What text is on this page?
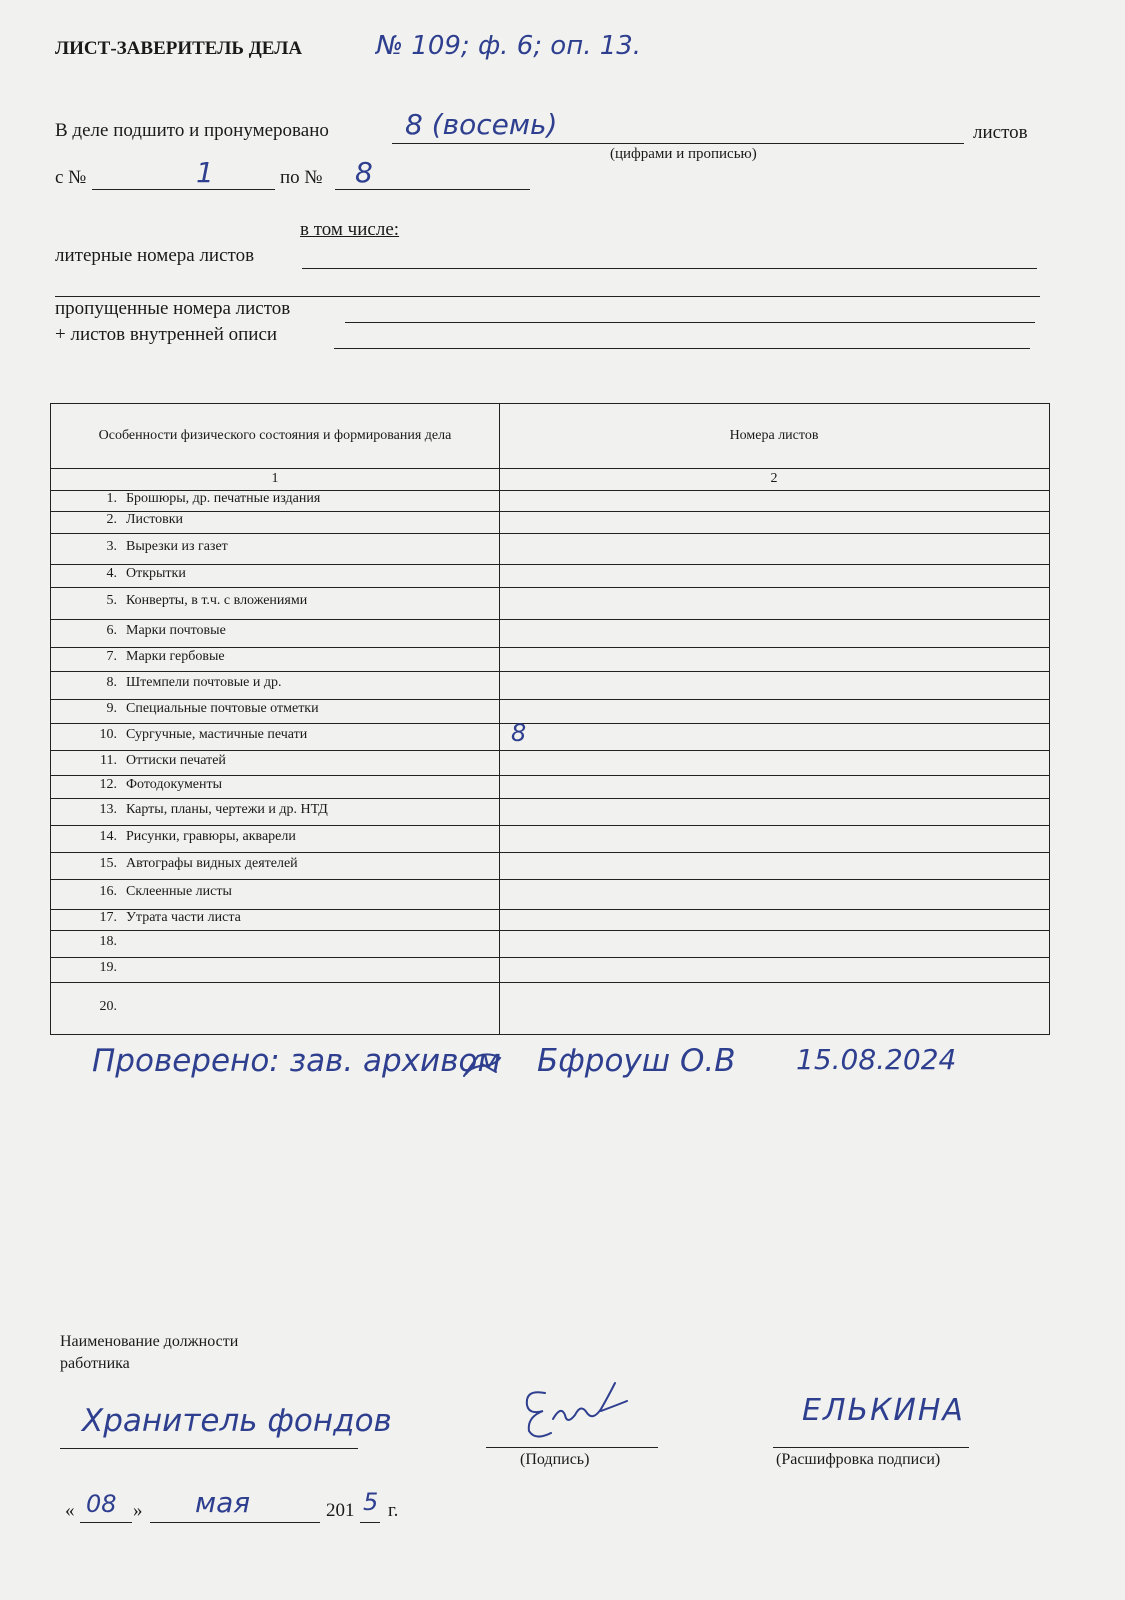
ЛИСТ-ЗАВЕРИТЕЛЬ ДЕЛА	№ 109; ф. 6; оп. 13.
В деле подшито и пронумеровано	8 (восемь)	листов
(цифрами и прописью)
с №	1	по № 8
в том числе:
литерные номера листов
пропущенные номера листов
+ листов внутренней описи
Особенности физического состояния и формирования дела	Номера листов
1	2
1. Брошюры, др. печатные издания
2. Листовки
3. Вырезки из газет
4. Открытки
5. Конверты, в т.ч. с вложениями
6. Марки почтовые
7. Марки гербовые
8. Штемпели почтовые и др.
9. Специальные почтовые отметки
10. Сургучные, мастичные печати	8
11. Оттиски печатей
12. Фотодокументы
13. Карты, планы, чертежи и др. НТД
14. Рисунки, гравюры, акварели
15. Автографы видных деятелей
16. Склеенные листы
17. Утрата части листа
18.
19.
20.
Проверено: зав. архивом Бфроуш О.В 15.08.2024
Наименование должности
работника
Хранитель фондов
(Подпись)
ЕЛЬКИНА
(Расшифровка подписи)
« 08 » мая	201 5 г.
